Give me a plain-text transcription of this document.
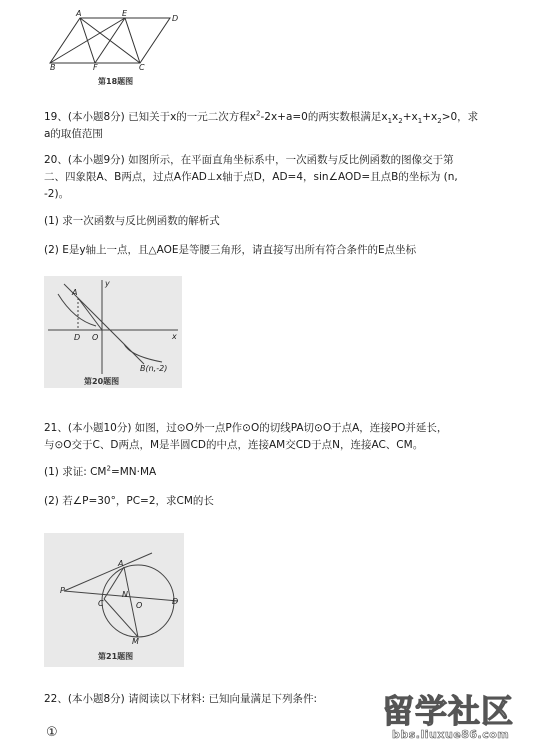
A	E
D
B	F	C
第18题图
19、(本小题8分) 已知关于x的一元二次方程$x^2-2x+a=0$的两实数根满足$x_1x_2+x_1+x_2>0$，求
a的取值范围
20、(本小题9分) 如图所示，在平面直角坐标系中，一次函数与反比例函数的图像交于第
二、四象限A、B两点，过点A作AD⊥x轴于点D，AD=4，sin∠AOD=且点B的坐标为 (n,
-2)。
(1) 求一次函数与反比例函数的解析式
(2) E是y轴上一点，且△AOE是等腰三角形，请直接写出所有符合条件的E点坐标
A
y
x
D O
B(n,-2)
第20题图
21、(本小题10分) 如图，过⊙O外一点P作⊙O的切线PA切⊙O于点A，连接PO并延长，
与⊙O交于C、D两点，M是半圆CD的中点，连接AM交CD于点N，连接AC、CM。
(1) 求证: $CM^2=MN\cdot MA$
(2) 若∠P=30°，PC=2，求CM的长
P
A
C
N
O	D
M
第21题图
22、(本小题8分) 请阅读以下材料: 已知向量满足下列条件:
①
留学社区
bbs.liuxue86.com
